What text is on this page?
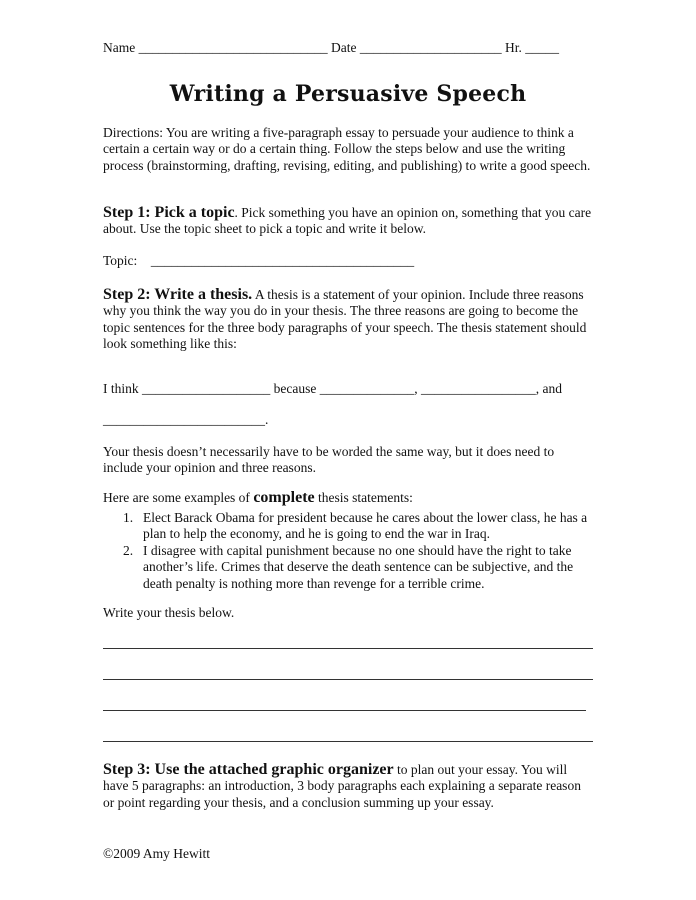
Name ____________________________ Date _____________________ Hr. _____
Writing a Persuasive Speech

Directions: You are writing a five-paragraph essay to persuade your audience to think a certain a certain way or do a certain thing. Follow the steps below and use the writing process (brainstorming, drafting, revising, editing, and publishing) to write a good speech.

Step 1: Pick a topic. Pick something you have an opinion on, something that you care about. Use the topic sheet to pick a topic and write it below.

Topic: _______________________________________

Step 2: Write a thesis. A thesis is a statement of your opinion. Include three reasons why you think the way you do in your thesis. The three reasons are going to become the topic sentences for the three body paragraphs of your speech. The thesis statement should look something like this:

I think ___________________ because ______________, _________________, and
________________________.

Your thesis doesn’t necessarily have to be worded the same way, but it does need to include your opinion and three reasons.

Here are some examples of complete thesis statements:

1. Elect Barack Obama for president because he cares about the lower class, he has a plan to help the economy, and he is going to end the war in Iraq.
2. I disagree with capital punishment because no one should have the right to take another’s life. Crimes that deserve the death sentence can be subjective, and the death penalty is nothing more than revenge for a terrible crime.

Write your thesis below.

Step 3: Use the attached graphic organizer to plan out your essay. You will have 5 paragraphs: an introduction, 3 body paragraphs each explaining a separate reason or point regarding your thesis, and a conclusion summing up your essay.

©2009 Amy Hewitt
